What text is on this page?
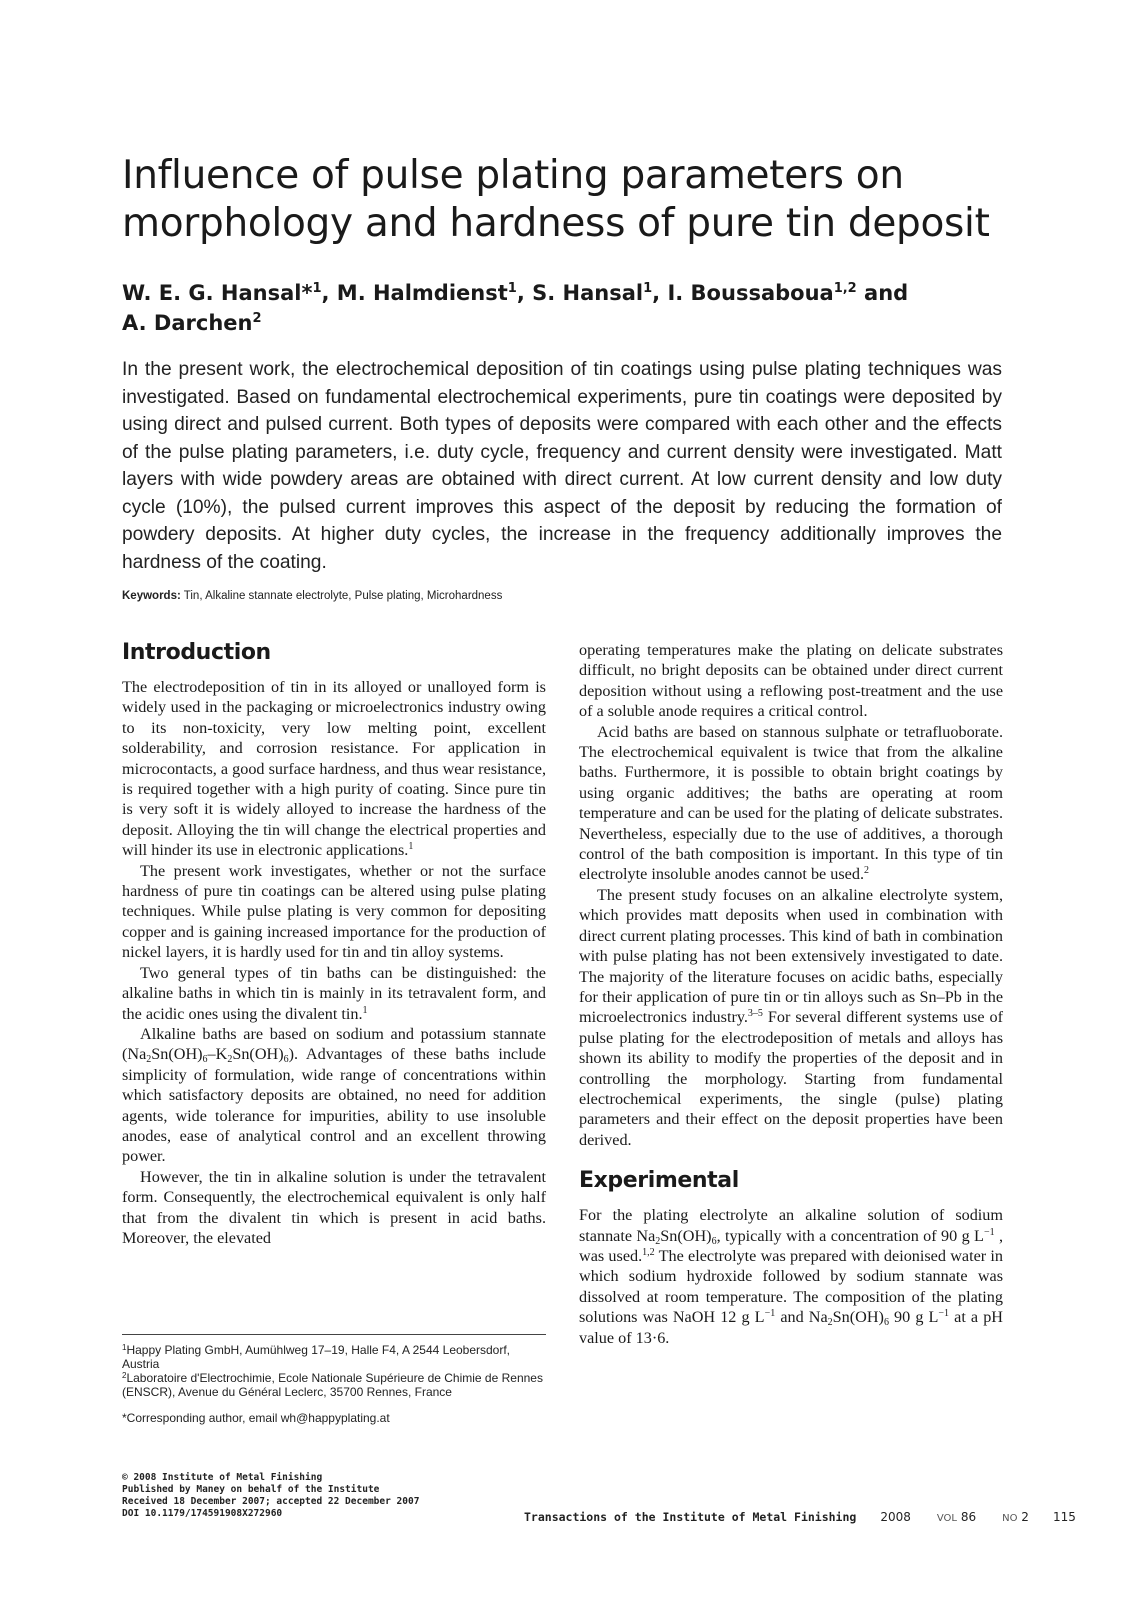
Influence of pulse plating parameters on
morphology and hardness of pure tin deposit
W. E. G. Hansal*$^1$, M. Halmdienst$^1$, S. Hansal$^1$, I. Boussaboua$^{1,2}$ and
A. Darchen$^2$

In the present work, the electrochemical deposition of tin coatings using pulse plating techniques was investigated. Based on fundamental electrochemical experiments, pure tin coatings were deposited by using direct and pulsed current. Both types of deposits were compared with each other and the effects of the pulse plating parameters, i.e. duty cycle, frequency and current density were investigated. Matt layers with wide powdery areas are obtained with direct current. At low current density and low duty cycle (10%), the pulsed current improves this aspect of the deposit by reducing the formation of powdery deposits. At higher duty cycles, the increase in the frequency additionally improves the hardness of the coating.

Keywords: Tin, Alkaline stannate electrolyte, Pulse plating, Microhardness
Introduction

The electrodeposition of tin in its alloyed or unalloyed form is widely used in the packaging or microelectronics industry owing to its non-toxicity, very low melting point, excellent solderability, and corrosion resistance. For application in microcontacts, a good surface hardness, and thus wear resistance, is required together with a high purity of coating. Since pure tin is very soft it is widely alloyed to increase the hardness of the deposit. Alloying the tin will change the electrical properties and will hinder its use in electronic applications.$^1$

The present work investigates, whether or not the surface hardness of pure tin coatings can be altered using pulse plating techniques. While pulse plating is very common for depositing copper and is gaining increased importance for the production of nickel layers, it is hardly used for tin and tin alloy systems.

Two general types of tin baths can be distinguished: the alkaline baths in which tin is mainly in its tetravalent form, and the acidic ones using the divalent tin.$^1$

Alkaline baths are based on sodium and potassium stannate $(Na_2Sn(OH)_6-K_2Sn(OH)_6)$. Advantages of these baths include simplicity of formulation, wide range of concentrations within which satisfactory deposits are obtained, no need for addition agents, wide tolerance for impurities, ability to use insoluble anodes, ease of analytical control and an excellent throwing power.

However, the tin in alkaline solution is under the tetravalent form. Consequently, the electrochemical equivalent is only half that from the divalent tin which is present in acid baths. Moreover, the elevated

operating temperatures make the plating on delicate substrates difficult, no bright deposits can be obtained under direct current deposition without using a reflowing post-treatment and the use of a soluble anode requires a critical control.

Acid baths are based on stannous sulphate or tetrafluoborate. The electrochemical equivalent is twice that from the alkaline baths. Furthermore, it is possible to obtain bright coatings by using organic additives; the baths are operating at room temperature and can be used for the plating of delicate substrates. Nevertheless, especially due to the use of additives, a thorough control of the bath composition is important. In this type of tin electrolyte insoluble anodes cannot be used.$^2$

The present study focuses on an alkaline electrolyte system, which provides matt deposits when used in combination with direct current plating processes. This kind of bath in combination with pulse plating has not been extensively investigated to date. The majority of the literature focuses on acidic baths, especially for their application of pure tin or tin alloys such as Sn–Pb in the microelectronics industry.$^{3-5}$ For several different systems use of pulse plating for the electrodeposition of metals and alloys has shown its ability to modify the properties of the deposit and in controlling the morphology. Starting from fundamental electrochemical experiments, the single (pulse) plating parameters and their effect on the deposit properties have been derived.

Experimental

For the plating electrolyte an alkaline solution of sodium stannate $Na_2Sn(OH)_6$, typically with a concentration of 90 g $L^{-1}$ , was used.$^{1,2}$ The electrolyte was prepared with deionised water in which sodium hydroxide followed by sodium stannate was dissolved at room temperature. The composition of the plating solutions was NaOH 12 g $L^{-1}$ and $Na_2Sn(OH)_6$ 90 g $L^{-1}$ at a pH value of 13·6.

$^1$Happy Plating GmbH, Aumühlweg 17–19, Halle F4, A 2544 Leobersdorf, Austria

$^2$Laboratoire d'Electrochimie, Ecole Nationale Supérieure de Chimie de Rennes (ENSCR), Avenue du Général Leclerc, 35700 Rennes, France

*Corresponding author, email wh@happyplating.at

© 2008 Institute of Metal Finishing
Published by Maney on behalf of the Institute
Received 18 December 2007; accepted 22 December 2007
DOI 10.1179/174591908X272960	Transactions of the Institute of Metal Finishing 2008	VOL 86	NO 2 115
